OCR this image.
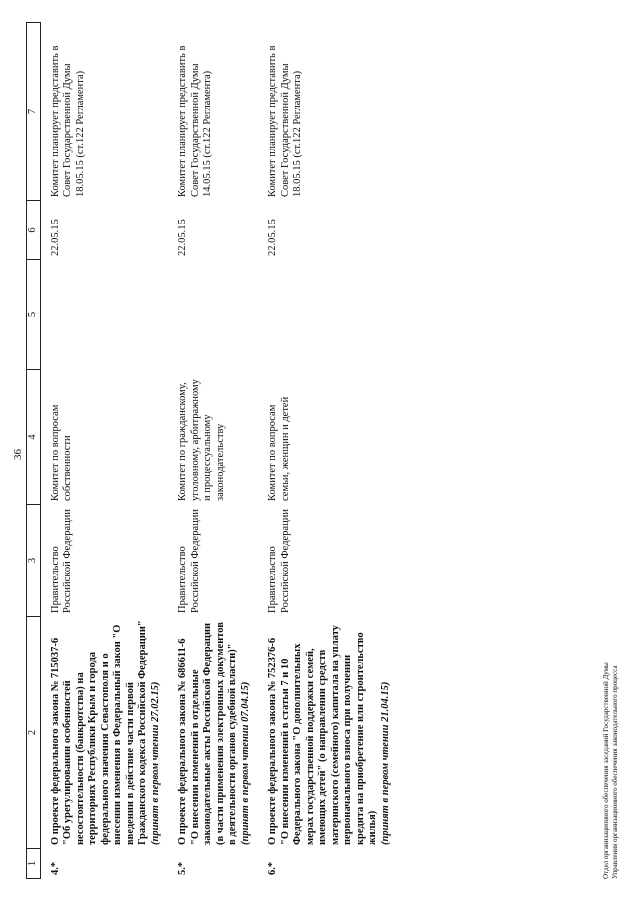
36
1	2	3	4	5	6	7
4.*	О проекте федерального закона № 715037-6 "Об урегулировании особенностей несостоятельности (банкротства) на территориях Республики Крым и города федерального значения Севастополя и о внесении изменения в Федеральный закон "О введении в действие части первой Гражданского кодекса Российской Федерации" (принят в первом чтении 27.02.15)	Правительство Российской Федерации	Комитет по вопросам собственности		22.05.15	Комитет планирует представить в Совет Государственной Думы 18.05.15 (ст.122 Регламента)
5.*	О проекте федерального закона № 686611-6 "О внесении изменений в отдельные законодательные акты Российской Федерации (в части применения электронных документов в деятельности органов судебной власти)" (принят в первом чтении 07.04.15)	Правительство Российской Федерации	Комитет по гражданскому, уголовному, арбитражному и процессуальному законодательству		22.05.15	Комитет планирует представить в Совет Государственной Думы 14.05.15 (ст.122 Регламента)
6.*	О проекте федерального закона № 752376-6 "О внесении изменений в статьи 7 и 10 Федерального закона "О дополнительных мерах государственной поддержки семей, имеющих детей" (о направлении средств материнского (семейного) капитала на уплату первоначального взноса при получении кредита на приобретение или строительство жилья) (принят в первом чтении 21.04.15)	Правительство Российской Федерации	Комитет по вопросам семьи, женщин и детей		22.05.15	Комитет планирует представить в Совет Государственной Думы 18.05.15 (ст.122 Регламента)
Отдел организационного обеспечения заседаний Государственной Думы Управления организационного обеспечения законодательного процесса
